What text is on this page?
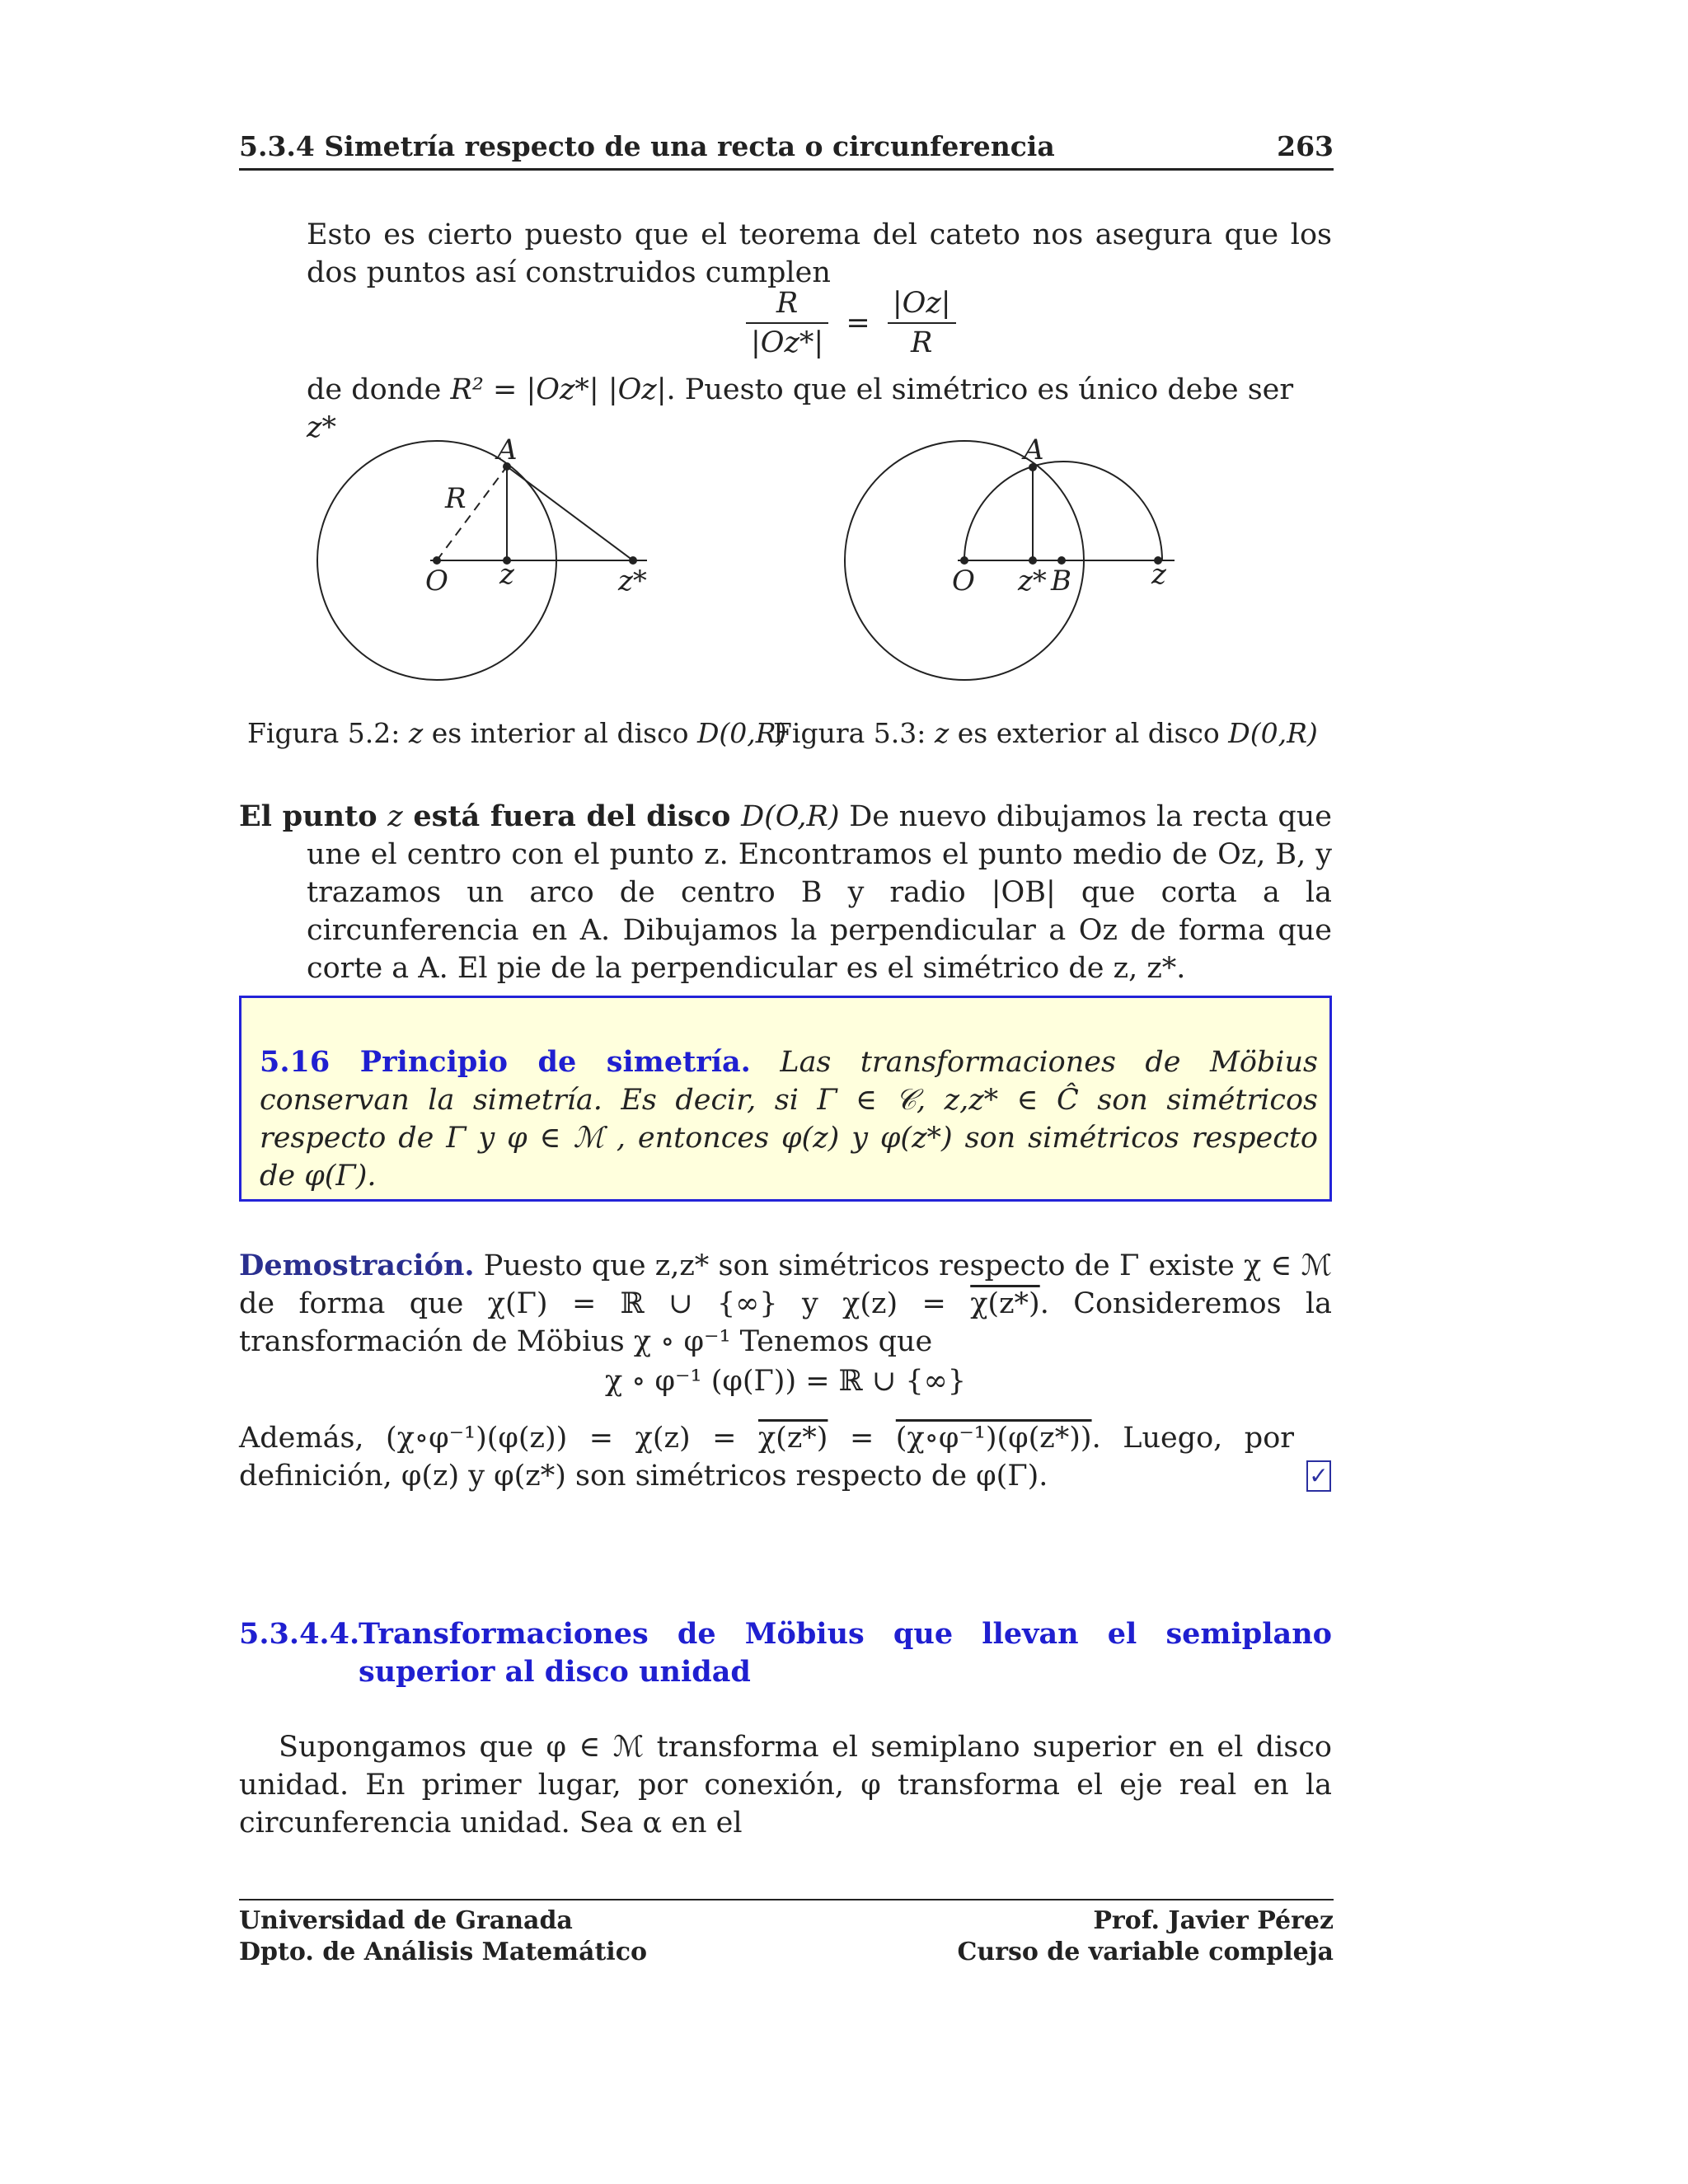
5.3.4 Simetría respecto de una recta o circunferencia	263
Esto es cierto puesto que el teorema del cateto nos asegura que los dos puntos así construidos cumplen
$\frac{R}{|Oz*|} = \frac{|Oz|}{R}$
de donde R² = |Oz*| |Oz|. Puesto que el simétrico es único debe ser z*
A
R
O z	z*
A
O z* B	z
Figura 5.2: z es interior al disco D(0,R)
Figura 5.3: z es exterior al disco D(0,R)
El punto z está fuera del disco D(O,R) De nuevo dibujamos la recta que une el centro con el punto z. Encontramos el punto medio de Oz, B, y trazamos un arco de centro B y radio |OB| que corta a la circunferencia en A. Dibujamos la perpendicular a Oz de forma que corte a A. El pie de la perpendicular es el simétrico de z, z*.
5.16 Principio de simetría. Las transformaciones de Möbius conservan la simetría. Es decir, si Γ ∈ 𝒞, z,z* ∈ Ĉ son simétricos respecto de Γ y φ ∈ ℳ , entonces φ(z) y φ(z*) son simétricos respecto de φ(Γ).
Demostración. Puesto que z,z* son simétricos respecto de Γ existe χ ∈ ℳ de forma que χ(Γ) = ℝ ∪ {∞} y χ(z) = χ(z*). Consideremos la transformación de Möbius χ ∘ φ⁻¹ Tenemos que
χ ∘ φ⁻¹ (φ(Γ)) = ℝ ∪ {∞}
Además, (χ∘φ⁻¹)(φ(z)) = χ(z) = χ(z*) = (χ∘φ⁻¹)(φ(z*)). Luego, por definición, φ(z) y φ(z*) son simétricos respecto de φ(Γ).	✓
5.3.4.4.
Transformaciones de Möbius que llevan el semiplano superior al disco unidad
Supongamos que φ ∈ ℳ transforma el semiplano superior en el disco unidad. En primer lugar, por conexión, φ transforma el eje real en la circunferencia unidad. Sea α en el
Universidad de Granada
Dpto. de Análisis Matemático
Prof. Javier Pérez
Curso de variable compleja
